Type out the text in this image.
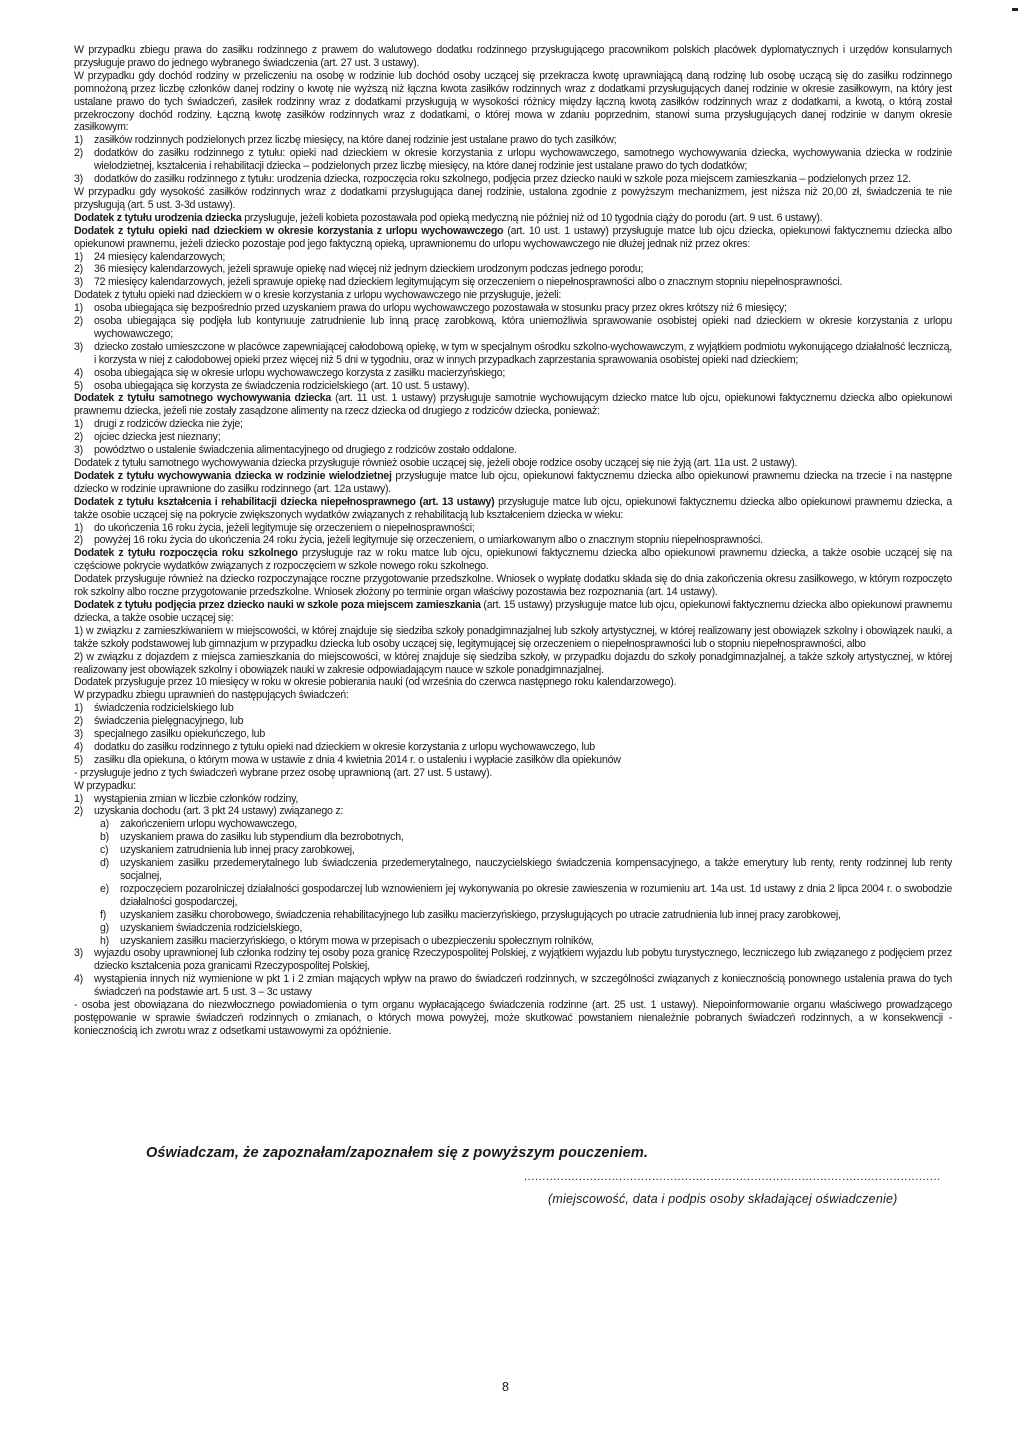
W przypadku zbiegu prawa do zasiłku rodzinnego z prawem do walutowego dodatku rodzinnego przysługującego pracownikom polskich placówek dyplomatycznych i urzędów konsularnych przysługuje prawo do jednego wybranego świadczenia (art. 27 ust. 3 ustawy).

W przypadku gdy dochód rodziny w przeliczeniu na osobę w rodzinie lub dochód osoby uczącej się przekracza kwotę uprawniającą daną rodzinę lub osobę uczącą się do zasiłku rodzinnego pomnożoną przez liczbę członków danej rodziny o kwotę nie wyższą niż łączna kwota zasiłków rodzinnych wraz z dodatkami przysługujących danej rodzinie w okresie zasiłkowym, na który jest ustalane prawo do tych świadczeń, zasiłek rodzinny wraz z dodatkami przysługują w wysokości różnicy między łączną kwotą zasiłków rodzinnych wraz z dodatkami, a kwotą, o którą został przekroczony dochód rodziny. Łączną kwotę zasiłków rodzinnych wraz z dodatkami, o której mowa w zdaniu poprzednim, stanowi suma przysługujących danej rodzinie w danym okresie zasiłkowym:

1) zasiłków rodzinnych podzielonych przez liczbę miesięcy, na które danej rodzinie jest ustalane prawo do tych zasiłków;
2) dodatków do zasiłku rodzinnego z tytułu: opieki nad dzieckiem w okresie korzystania z urlopu wychowawczego, samotnego wychowywania dziecka, wychowywania dziecka w rodzinie wielodzietnej, kształcenia i rehabilitacji dziecka – podzielonych przez liczbę miesięcy, na które danej rodzinie jest ustalane prawo do tych dodatków;
3) dodatków do zasiłku rodzinnego z tytułu: urodzenia dziecka, rozpoczęcia roku szkolnego, podjęcia przez dziecko nauki w szkole poza miejscem zamieszkania – podzielonych przez 12.

W przypadku gdy wysokość zasiłków rodzinnych wraz z dodatkami przysługująca danej rodzinie, ustalona zgodnie z powyższym mechanizmem, jest niższa niż 20,00 zł, świadczenia te nie przysługują (art. 5 ust. 3-3d ustawy).

Dodatek z tytułu urodzenia dziecka przysługuje, jeżeli kobieta pozostawała pod opieką medyczną nie później niż od 10 tygodnia ciąży do porodu (art. 9 ust. 6 ustawy).

Dodatek z tytułu opieki nad dzieckiem w okresie korzystania z urlopu wychowawczego (art. 10 ust. 1 ustawy) przysługuje matce lub ojcu dziecka, opiekunowi faktycznemu dziecka albo opiekunowi prawnemu, jeżeli dziecko pozostaje pod jego faktyczną opieką, uprawnionemu do urlopu wychowawczego nie dłużej jednak niż przez okres:

1) 24 miesięcy kalendarzowych;
2) 36 miesięcy kalendarzowych, jeżeli sprawuje opiekę nad więcej niż jednym dzieckiem urodzonym podczas jednego porodu;
3) 72 miesięcy kalendarzowych, jeżeli sprawuje opiekę nad dzieckiem legitymującym się orzeczeniem o niepełnosprawności albo o znacznym stopniu niepełnosprawności.

Dodatek z tytułu opieki nad dzieckiem w o kresie korzystania z urlopu wychowawczego nie przysługuje, jeżeli:

1) osoba ubiegająca się bezpośrednio przed uzyskaniem prawa do urlopu wychowawczego pozostawała w stosunku pracy przez okres krótszy niż 6 miesięcy;
2) osoba ubiegająca się podjęła lub kontynuuje zatrudnienie lub inną pracę zarobkową, która uniemożliwia sprawowanie osobistej opieki nad dzieckiem w okresie korzystania z urlopu wychowawczego;
3) dziecko zostało umieszczone w placówce zapewniającej całodobową opiekę, w tym w specjalnym ośrodku szkolno-wychowawczym, z wyjątkiem podmiotu wykonującego działalność leczniczą, i korzysta w niej z całodobowej opieki przez więcej niż 5 dni w tygodniu, oraz w innych przypadkach zaprzestania sprawowania osobistej opieki nad dzieckiem;
4) osoba ubiegająca się w okresie urlopu wychowawczego korzysta z zasiłku macierzyńskiego;
5) osoba ubiegająca się korzysta ze świadczenia rodzicielskiego (art. 10 ust. 5 ustawy).

Dodatek z tytułu samotnego wychowywania dziecka (art. 11 ust. 1 ustawy) przysługuje samotnie wychowującym dziecko matce lub ojcu, opiekunowi faktycznemu dziecka albo opiekunowi prawnemu dziecka, jeżeli nie zostały zasądzone alimenty na rzecz dziecka od drugiego z rodziców dziecka, ponieważ:

1) drugi z rodziców dziecka nie żyje;
2) ojciec dziecka jest nieznany;
3) powództwo o ustalenie świadczenia alimentacyjnego od drugiego z rodziców zostało oddalone.

Dodatek z tytułu samotnego wychowywania dziecka przysługuje również osobie uczącej się, jeżeli oboje rodzice osoby uczącej się nie żyją (art. 11a ust. 2 ustawy).

Dodatek z tytułu wychowywania dziecka w rodzinie wielodzietnej przysługuje matce lub ojcu, opiekunowi faktycznemu dziecka albo opiekunowi prawnemu dziecka na trzecie i na następne dziecko w rodzinie uprawnione do zasiłku rodzinnego (art. 12a ustawy).

Dodatek z tytułu kształcenia i rehabilitacji dziecka niepełnosprawnego (art. 13 ustawy) przysługuje matce lub ojcu, opiekunowi faktycznemu dziecka albo opiekunowi prawnemu dziecka, a także osobie uczącej się na pokrycie zwiększonych wydatków związanych z rehabilitacją lub kształceniem dziecka w wieku:

1) do ukończenia 16 roku życia, jeżeli legitymuje się orzeczeniem o niepełnosprawności;
2) powyżej 16 roku życia do ukończenia 24 roku życia, jeżeli legitymuje się orzeczeniem, o umiarkowanym albo o znacznym stopniu niepełnosprawności.

Dodatek z tytułu rozpoczęcia roku szkolnego przysługuje raz w roku matce lub ojcu, opiekunowi faktycznemu dziecka albo opiekunowi prawnemu dziecka, a także osobie uczącej się na częściowe pokrycie wydatków związanych z rozpoczęciem w szkole nowego roku szkolnego.

Dodatek przysługuje również na dziecko rozpoczynające roczne przygotowanie przedszkolne. Wniosek o wypłatę dodatku składa się do dnia zakończenia okresu zasiłkowego, w którym rozpoczęto rok szkolny albo roczne przygotowanie przedszkolne. Wniosek złożony po terminie organ właściwy pozostawia bez rozpoznania (art. 14 ustawy).

Dodatek z tytułu podjęcia przez dziecko nauki w szkole poza miejscem zamieszkania (art. 15 ustawy) przysługuje matce lub ojcu, opiekunowi faktycznemu dziecka albo opiekunowi prawnemu dziecka, a także osobie uczącej się:

1) w związku z zamieszkiwaniem w miejscowości, w której znajduje się siedziba szkoły ponadgimnazjalnej lub szkoły artystycznej, w której realizowany jest obowiązek szkolny i obowiązek nauki, a także szkoły podstawowej lub gimnazjum w przypadku dziecka lub osoby uczącej się, legitymującej się orzeczeniem o niepełnosprawności lub o stopniu niepełnosprawności, albo
2) w związku z dojazdem z miejsca zamieszkania do miejscowości, w której znajduje się siedziba szkoły, w przypadku dojazdu do szkoły ponadgimnazjalnej, a także szkoły artystycznej, w której realizowany jest obowiązek szkolny i obowiązek nauki w zakresie odpowiadającym nauce w szkole ponadgimnazjalnej.

Dodatek przysługuje przez 10 miesięcy w roku w okresie pobierania nauki (od września do czerwca następnego roku kalendarzowego).

W przypadku zbiegu uprawnień do następujących świadczeń:

1) świadczenia rodzicielskiego lub
2) świadczenia pielęgnacyjnego, lub
3) specjalnego zasiłku opiekuńczego, lub
4) dodatku do zasiłku rodzinnego z tytułu opieki nad dzieckiem w okresie korzystania z urlopu wychowawczego, lub
5) zasiłku dla opiekuna, o którym mowa w ustawie z dnia 4 kwietnia 2014 r. o ustaleniu i wypłacie zasiłków dla opiekunów

- przysługuje jedno z tych świadczeń wybrane przez osobę uprawnioną (art. 27 ust. 5 ustawy).

W przypadku:

1) wystąpienia zmian w liczbie członków rodziny,
2) uzyskania dochodu (art. 3 pkt 24 ustawy) związanego z:
a) zakończeniem urlopu wychowawczego,
b) uzyskaniem prawa do zasiłku lub stypendium dla bezrobotnych,
c) uzyskaniem zatrudnienia lub innej pracy zarobkowej,
d) uzyskaniem zasiłku przedemerytalnego lub świadczenia przedemerytalnego, nauczycielskiego świadczenia kompensacyjnego, a także emerytury lub renty, renty rodzinnej lub renty socjalnej,
e) rozpoczęciem pozarolniczej działalności gospodarczej lub wznowieniem jej wykonywania po okresie zawieszenia w rozumieniu art. 14a ust. 1d ustawy z dnia 2 lipca 2004 r. o swobodzie działalności gospodarczej,
f) uzyskaniem zasiłku chorobowego, świadczenia rehabilitacyjnego lub zasiłku macierzyńskiego, przysługujących po utracie zatrudnienia lub innej pracy zarobkowej,
g) uzyskaniem świadczenia rodzicielskiego,
h) uzyskaniem zasiłku macierzyńskiego, o którym mowa w przepisach o ubezpieczeniu społecznym rolników,
3) wyjazdu osoby uprawnionej lub członka rodziny tej osoby poza granicę Rzeczypospolitej Polskiej, z wyjątkiem wyjazdu lub pobytu turystycznego, leczniczego lub związanego z podjęciem przez dziecko kształcenia poza granicami Rzeczypospolitej Polskiej,
4) wystąpienia innych niż wymienione w pkt 1 i 2 zmian mających wpływ na prawo do świadczeń rodzinnych, w szczególności związanych z koniecznością ponownego ustalenia prawa do tych świadczeń na podstawie art. 5 ust. 3 – 3c ustawy

- osoba jest obowiązana do niezwłocznego powiadomienia o tym organu wypłacającego świadczenia rodzinne (art. 25 ust. 1 ustawy). Niepoinformowanie organu właściwego prowadzącego postępowanie w sprawie świadczeń rodzinnych o zmianach, o których mowa powyżej, może skutkować powstaniem nienależnie pobranych świadczeń rodzinnych, a w konsekwencji - koniecznością ich zwrotu wraz z odsetkami ustawowymi za opóźnienie.

Oświadczam, że zapoznałam/zapoznałem się z powyższym pouczeniem.
..................................................................................................................
(miejscowość, data i podpis osoby składającej oświadczenie)
8
